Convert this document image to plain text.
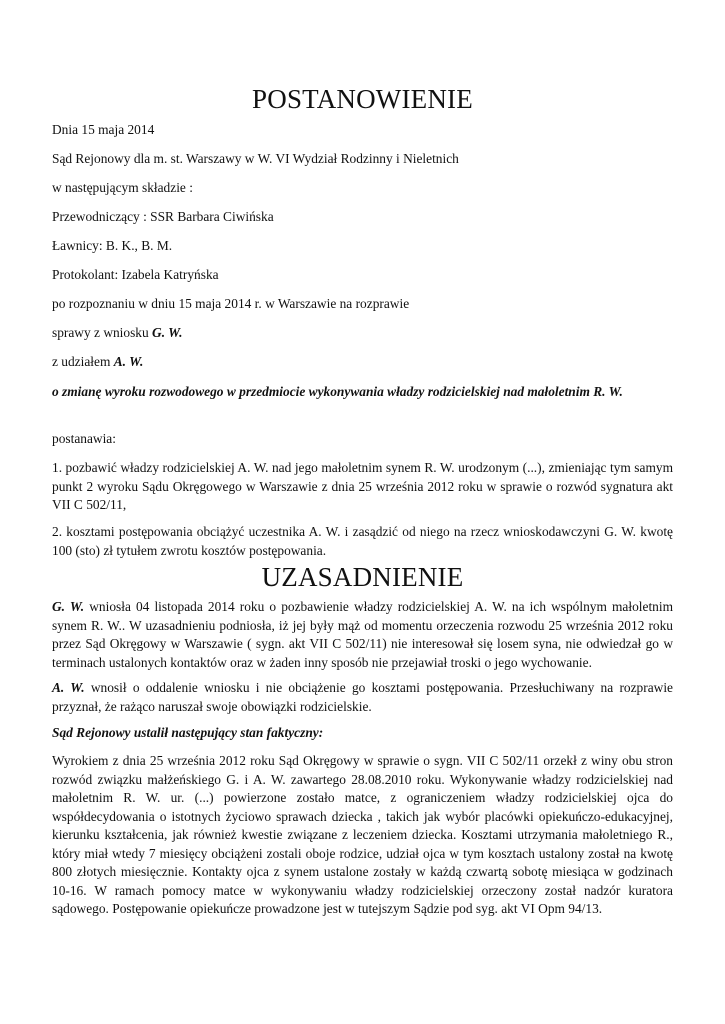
POSTANOWIENIE
Dnia 15 maja 2014
Sąd Rejonowy dla m. st. Warszawy w W. VI Wydział Rodzinny i Nieletnich
w następującym składzie :
Przewodniczący : SSR Barbara Ciwińska
Ławnicy: B. K., B. M.
Protokolant: Izabela Katryńska
po rozpoznaniu w dniu 15 maja 2014 r. w Warszawie na rozprawie
sprawy z wniosku G. W.
z udziałem A. W.
o zmianę wyroku rozwodowego w przedmiocie wykonywania władzy rodzicielskiej nad małoletnim R. W.
postanawia:
1. pozbawić władzy rodzicielskiej A. W. nad jego małoletnim synem R. W. urodzonym (...), zmieniając tym samym punkt 2 wyroku Sądu Okręgowego w Warszawie z dnia 25 września 2012 roku w sprawie o rozwód sygnatura akt VII C 502/11,
2. kosztami postępowania obciążyć uczestnika A. W. i zasądzić od niego na rzecz wnioskodawczyni G. W. kwotę 100 (sto) zł tytułem zwrotu kosztów postępowania.
UZASADNIENIE
G. W. wniosła 04 listopada 2014 roku o pozbawienie władzy rodzicielskiej A. W. na ich wspólnym małoletnim synem R. W.. W uzasadnieniu podniosła, iż jej były mąż od momentu orzeczenia rozwodu 25 września 2012 roku przez Sąd Okręgowy w Warszawie ( sygn. akt VII C 502/11) nie interesował się losem syna, nie odwiedzał go w terminach ustalonych kontaktów oraz w żaden inny sposób nie przejawiał troski o jego wychowanie.
A. W. wnosił o oddalenie wniosku i nie obciążenie go kosztami postępowania. Przesłuchiwany na rozprawie przyznał, że rażąco naruszał swoje obowiązki rodzicielskie.
Sąd Rejonowy ustalił następujący stan faktyczny:
Wyrokiem z dnia 25 września 2012 roku Sąd Okręgowy w sprawie o sygn. VII C 502/11 orzekł z winy obu stron rozwód związku małżeńskiego G. i A. W. zawartego 28.08.2010 roku. Wykonywanie władzy rodzicielskiej nad małoletnim R. W. ur. (...) powierzone zostało matce, z ograniczeniem władzy rodzicielskiej ojca do współdecydowania o istotnych życiowo sprawach dziecka , takich jak wybór placówki opiekuńczo-edukacyjnej, kierunku kształcenia, jak również kwestie związane z leczeniem dziecka. Kosztami utrzymania małoletniego R., który miał wtedy 7 miesięcy obciążeni zostali oboje rodzice, udział ojca w tym kosztach ustalony został na kwotę 800 złotych miesięcznie. Kontakty ojca z synem ustalone zostały w każdą czwartą sobotę miesiąca w godzinach 10-16. W ramach pomocy matce w wykonywaniu władzy rodzicielskiej orzeczony został nadzór kuratora sądowego. Postępowanie opiekuńcze prowadzone jest w tutejszym Sądzie pod syg. akt VI Opm 94/13.
